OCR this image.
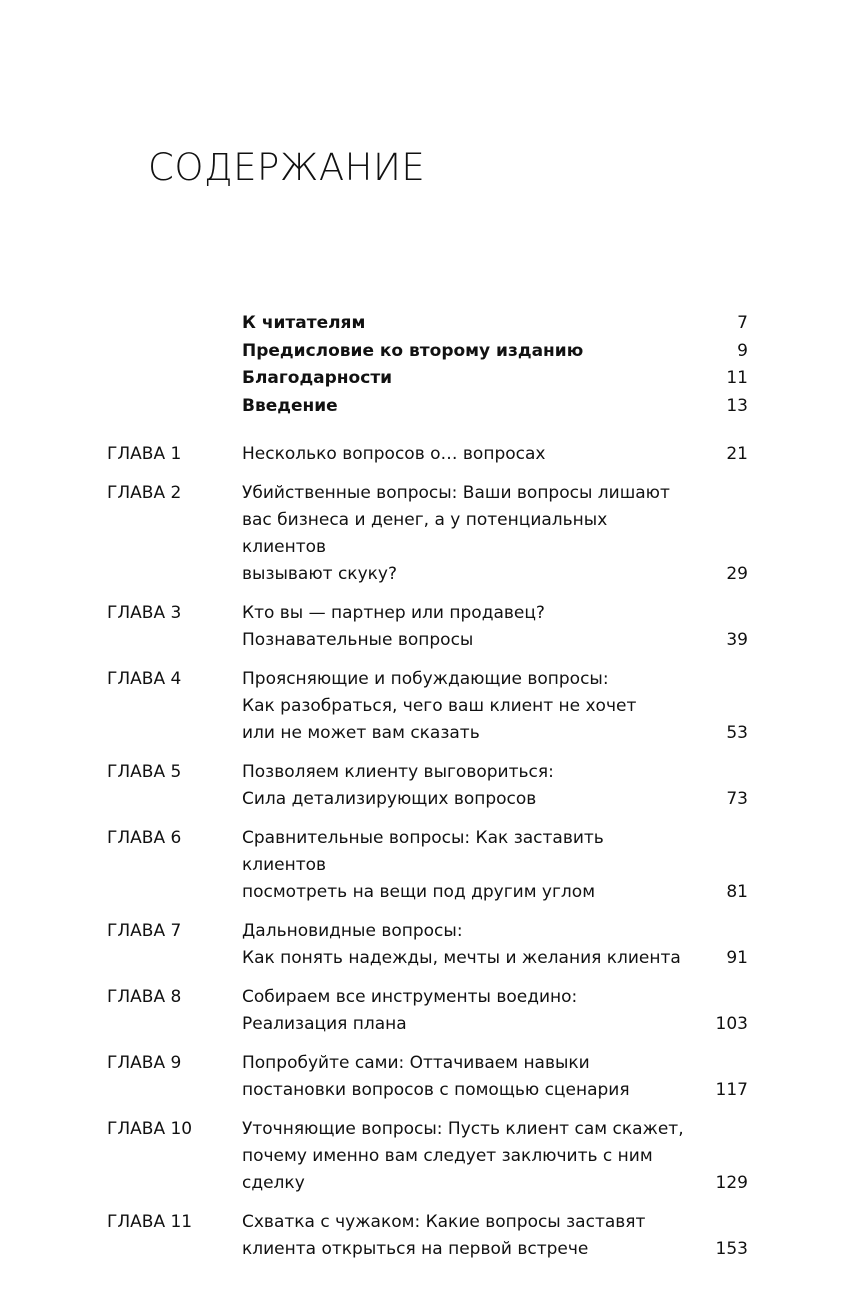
СОДЕРЖАНИЕ
К читателям	7
Предисловие ко второму изданию	9
Благодарности	11
Введение	13
ГЛАВА 1	Несколько вопросов о… вопросах	21
ГЛАВА 2	Убийственные вопросы: Ваши вопросы лишают
вас бизнеса и денег, а у потенциальных клиентов
вызывают скуку?	29
ГЛАВА 3	Кто вы — партнер или продавец?
Познавательные вопросы	39
ГЛАВА 4	Проясняющие и побуждающие вопросы:
Как разобраться, чего ваш клиент не хочет
или не может вам сказать	53
ГЛАВА 5	Позволяем клиенту выговориться:
Сила детализирующих вопросов	73
ГЛАВА 6	Сравнительные вопросы: Как заставить клиентов
посмотреть на вещи под другим углом	81
ГЛАВА 7	Дальновидные вопросы:
Как понять надежды, мечты и желания клиента	91
ГЛАВА 8	Собираем все инструменты воедино:
Реализация плана	103
ГЛАВА 9	Попробуйте сами: Оттачиваем навыки
постановки вопросов с помощью сценария	117
ГЛАВА 10	Уточняющие вопросы: Пусть клиент сам скажет,
почему именно вам следует заключить с ним сделку	129
ГЛАВА 11	Схватка с чужаком: Какие вопросы заставят
клиента открыться на первой встрече	153
